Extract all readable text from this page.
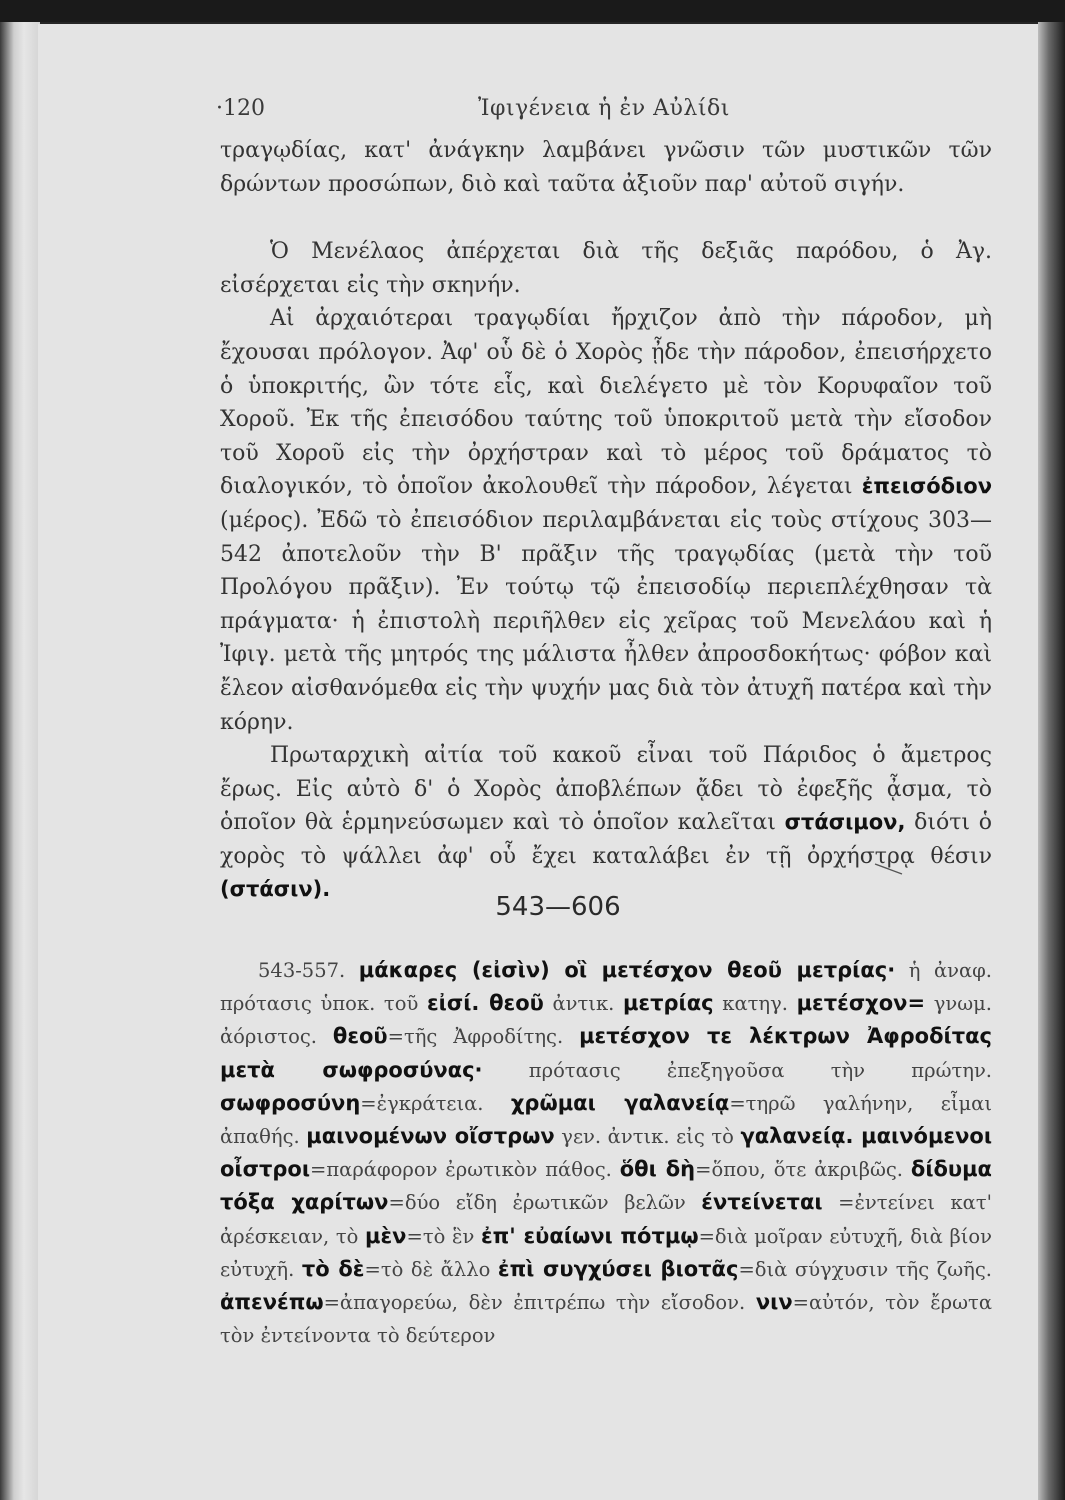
·120	Ἰφιγένεια ἡ ἐν Αὐλίδι

τραγῳδίας, κατ' ἀνάγκην λαμβάνει γνῶσιν τῶν μυστικῶν τῶν δρώντων προσώπων, διὸ καὶ ταῦτα ἀξιοῦν παρ' αὐτοῦ σιγήν.

Ὁ Μενέλαος ἀπέρχεται διὰ τῆς δεξιᾶς παρόδου, ὁ Ἀγ. εἰσέρχεται εἰς τὴν σκηνήν.

Αἱ ἀρχαιότεραι τραγῳδίαι ἤρχιζον ἀπὸ τὴν πάροδον, μὴ ἔχουσαι πρόλογον. Ἀφ' οὗ δὲ ὁ Χορὸς ᾖδε τὴν πάροδον, ἐπεισήρχετο ὁ ὑποκριτής, ὢν τότε εἷς, καὶ διελέγετο μὲ τὸν Κορυφαῖον τοῦ Χοροῦ. Ἐκ τῆς ἐπεισόδου ταύτης τοῦ ὑποκριτοῦ μετὰ τὴν εἴσοδον τοῦ Χοροῦ εἰς τὴν ὀρχήστραν καὶ τὸ μέρος τοῦ δράματος τὸ διαλογικόν, τὸ ὁποῖον ἀκολουθεῖ τὴν πάροδον, λέγεται ἐπεισόδιον (μέρος). Ἐδῶ τὸ ἐπεισόδιον περιλαμβάνεται εἰς τοὺς στίχους 303—542 ἀποτελοῦν τὴν Β' πρᾶξιν τῆς τραγῳδίας (μετὰ τὴν τοῦ Προλόγου πρᾶξιν). Ἐν τούτῳ τῷ ἐπεισοδίῳ περιεπλέχθησαν τὰ πράγματα· ἡ ἐπιστολὴ περιῆλθεν εἰς χεῖρας τοῦ Μενελάου καὶ ἡ Ἰφιγ. μετὰ τῆς μητρός της μάλιστα ἦλθεν ἀπροσδοκήτως· φόβον καὶ ἔλεον αἰσθανόμεθα εἰς τὴν ψυχήν μας διὰ τὸν ἀτυχῆ πατέρα καὶ τὴν κόρην.

Πρωταρχικὴ αἰτία τοῦ κακοῦ εἶναι τοῦ Πάριδος ὁ ἄμετρος ἔρως. Εἰς αὐτὸ δ' ὁ Χορὸς ἀποβλέπων ᾄδει τὸ ἐφεξῆς ᾆσμα, τὸ ὁποῖον θὰ ἑρμηνεύσωμεν καὶ τὸ ὁποῖον καλεῖται στάσιμον, διότι ὁ χορὸς τὸ ψάλλει ἀφ' οὗ ἔχει καταλάβει ἐν τῇ ὀρχήστρᾳ θέσιν (στάσιν).

543—606

543-557. μάκαρες (εἰσὶν) οἳ μετέσχον θεοῦ μετρίας· ἡ ἀναφ. πρότασις ὑποκ. τοῦ εἰσί. θεοῦ ἀντικ. μετρίας κατηγ. μετέσχον= γνωμ. ἀόριστος. θεοῦ=τῆς Ἀφροδίτης. μετέσχον τε λέκτρων Ἀφροδίτας μετὰ σωφροσύνας· πρότασις ἐπεξηγοῦσα τὴν πρώτην. σωφροσύνη=ἐγκράτεια. χρῶμαι γαλανείᾳ=τηρῶ γαλήνην, εἶμαι ἀπαθής. μαινομένων οἴστρων γεν. ἀντικ. εἰς τὸ γαλανείᾳ. μαινόμενοι οἶστροι=παράφορον ἐρωτικὸν πάθος. ὅθι δὴ=ὅπου, ὅτε ἀκριβῶς. δίδυμα τόξα χαρίτων=δύο εἴδη ἐρωτικῶν βελῶν έντείνεται =ἐντείνει κατ' ἀρέσκειαν, τὸ μὲν=τὸ ἓν ἐπ' εὐαίωνι πότμῳ=διὰ μοῖραν εὐτυχῆ, διὰ βίον εὐτυχῆ. τὸ δὲ=τὸ δὲ ἄλλο ἐπὶ συγχύσει βιοτᾶς=διὰ σύγχυσιν τῆς ζωῆς. ἀπενέπω=ἀπαγορεύω, δὲν ἐπιτρέπω τὴν εἴσοδον. νιν=αὐτόν, τὸν ἔρωτα τὸν ἐντείνοντα τὸ δεύτερον
